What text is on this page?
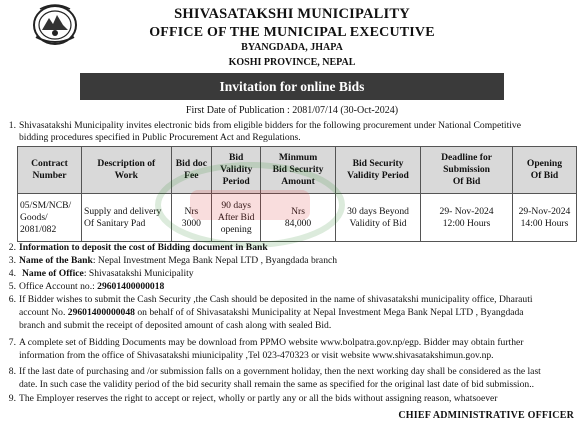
SHIVASATAKSHI MUNICIPALITY
OFFICE OF THE MUNICIPAL EXECUTIVE
BYANGDADA, JHAPA
KOSHI PROVINCE, NEPAL
Invitation for online Bids
First Date of Publication : 2081/07/14 (30-Oct-2024)
1. Shivasatakshi Municipality invites electronic bids from eligible bidders for the following procurement under National Competitive
bidding procedures specified in Public Procurement Act and Regulations.
Contract
Number	Description of
Work	Bid doc
Fee	Bid
Validity
Period	Minmum
Bid Security
Amount	Bid Security
Validity Period	Deadline for
Submission
Of Bid	Opening
Of Bid
05/SM/NCB/
Goods/
2081/082	Supply and delivery
Of Sanitary Pad	Nrs
3000	90 days
After Bid
opening	Nrs
84,000	30 days Beyond
Validity of Bid	29- Nov-2024
12:00 Hours	29-Nov-2024
14:00 Hours
2. Information to deposit the cost of Bidding document in Bank
3. Name of the Bank: Nepal Investment Mega Bank Nepal LTD , Byangdada branch
4. Name of Office: Shivasatakshi Municipality
5. Office Account no.: 29601400000018
6. If Bidder wishes to submit the Cash Security ,the Cash should be deposited in the name of shivasatakshi municipality office, Dharauti
account No. 29601400000048 on behalf of of Shivasatakshi Municipality at Nepal Investment Mega Bank Nepal LTD , Byangdada
branch and submit the receipt of deposited amount of cash along with sealed Bid.
7. A complete set of Bidding Documents may be download from PPMO website www.bolpatra.gov.np/egp. Bidder may obtain further
information from the office of Shivasatakshi miunicipality ,Tel 023-470323 or visit website www.shivasatakshimun.gov.np.
8. If the last date of purchasing and /or submission falls on a government holiday, then the next working day shall be considered as the last
date. In such case the validity period of the bid security shall remain the same as specified for the original last date of bid submission..
9. The Employer reserves the right to accept or reject, wholly or partly any or all the bids without assigning reason, whatsoever
CHIEF ADMINISTRATIVE OFFICER
